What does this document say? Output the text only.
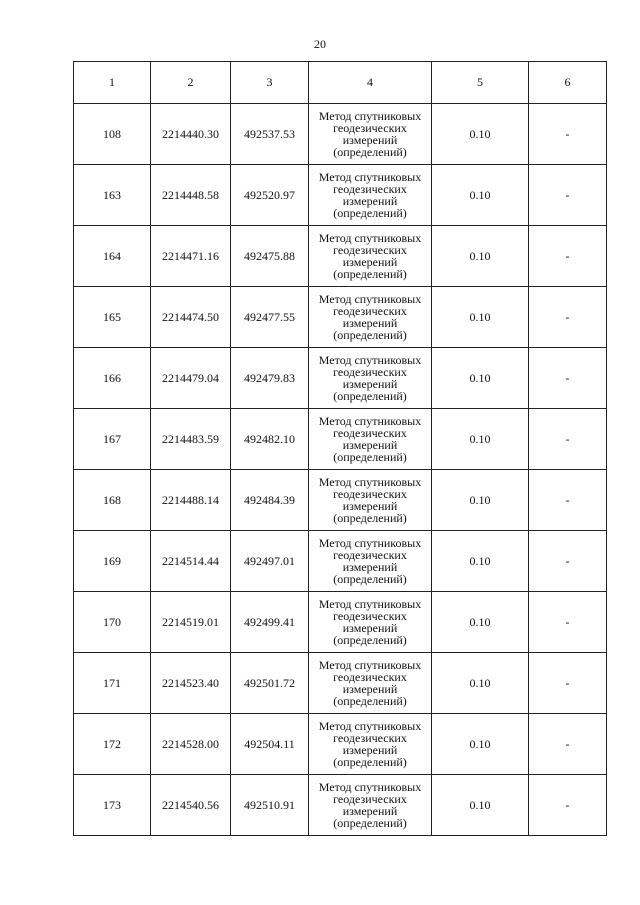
20
1	2	3	4	5	6
108	2214440.30	492537.53	Метод спутниковых
геодезических
измерений
(определений)	0.10	-
163	2214448.58	492520.97	Метод спутниковых
геодезических
измерений
(определений)	0.10	-
164	2214471.16	492475.88	Метод спутниковых
геодезических
измерений
(определений)	0.10	-
165	2214474.50	492477.55	Метод спутниковых
геодезических
измерений
(определений)	0.10	-
166	2214479.04	492479.83	Метод спутниковых
геодезических
измерений
(определений)	0.10	-
167	2214483.59	492482.10	Метод спутниковых
геодезических
измерений
(определений)	0.10	-
168	2214488.14	492484.39	Метод спутниковых
геодезических
измерений
(определений)	0.10	-
169	2214514.44	492497.01	Метод спутниковых
геодезических
измерений
(определений)	0.10	-
170	2214519.01	492499.41	Метод спутниковых
геодезических
измерений
(определений)	0.10	-
171	2214523.40	492501.72	Метод спутниковых
геодезических
измерений
(определений)	0.10	-
172	2214528.00	492504.11	Метод спутниковых
геодезических
измерений
(определений)	0.10	-
173	2214540.56	492510.91	Метод спутниковых
геодезических
измерений
(определений)	0.10	-
